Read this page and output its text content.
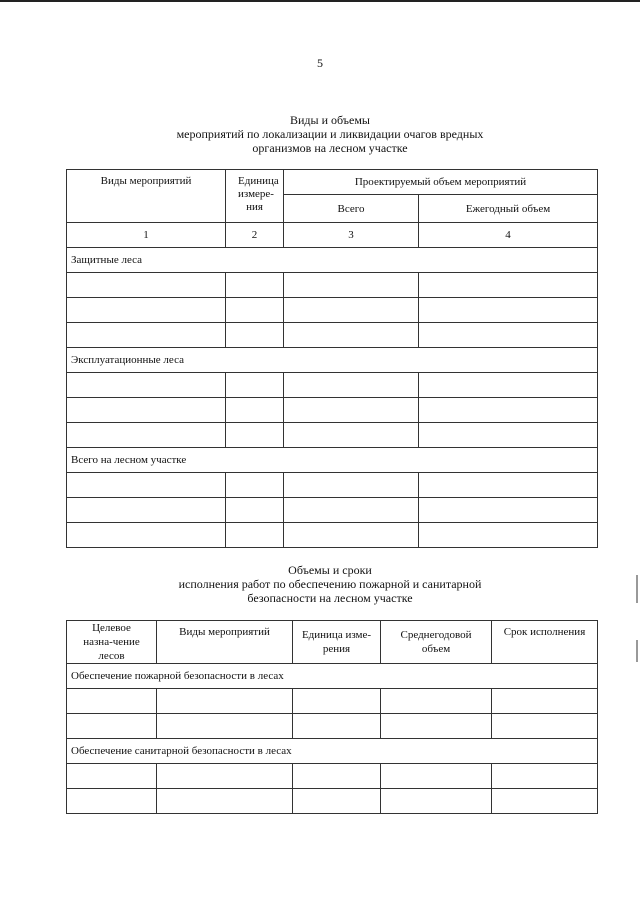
5
Виды и объемы
мероприятий по локализации и ликвидации очагов вредных
организмов на лесном участке
Виды мероприятий	Единица измере-ния	Проектируемый объем мероприятий	
		Всего	Ежегодный объем
1	2	3	4
Защитные леса			

Эксплуатационные леса			

Всего на лесном участке			

Объемы и сроки
исполнения работ по обеспечению пожарной и санитарной
безопасности на лесном участке
Целевое назна-чение лесов	Виды мероприятий	Единица изме-рения	Среднегодовой объем	Срок исполнения
Обеспечение пожарной безопасности в лесах				

Обеспечение санитарной безопасности в лесах				
